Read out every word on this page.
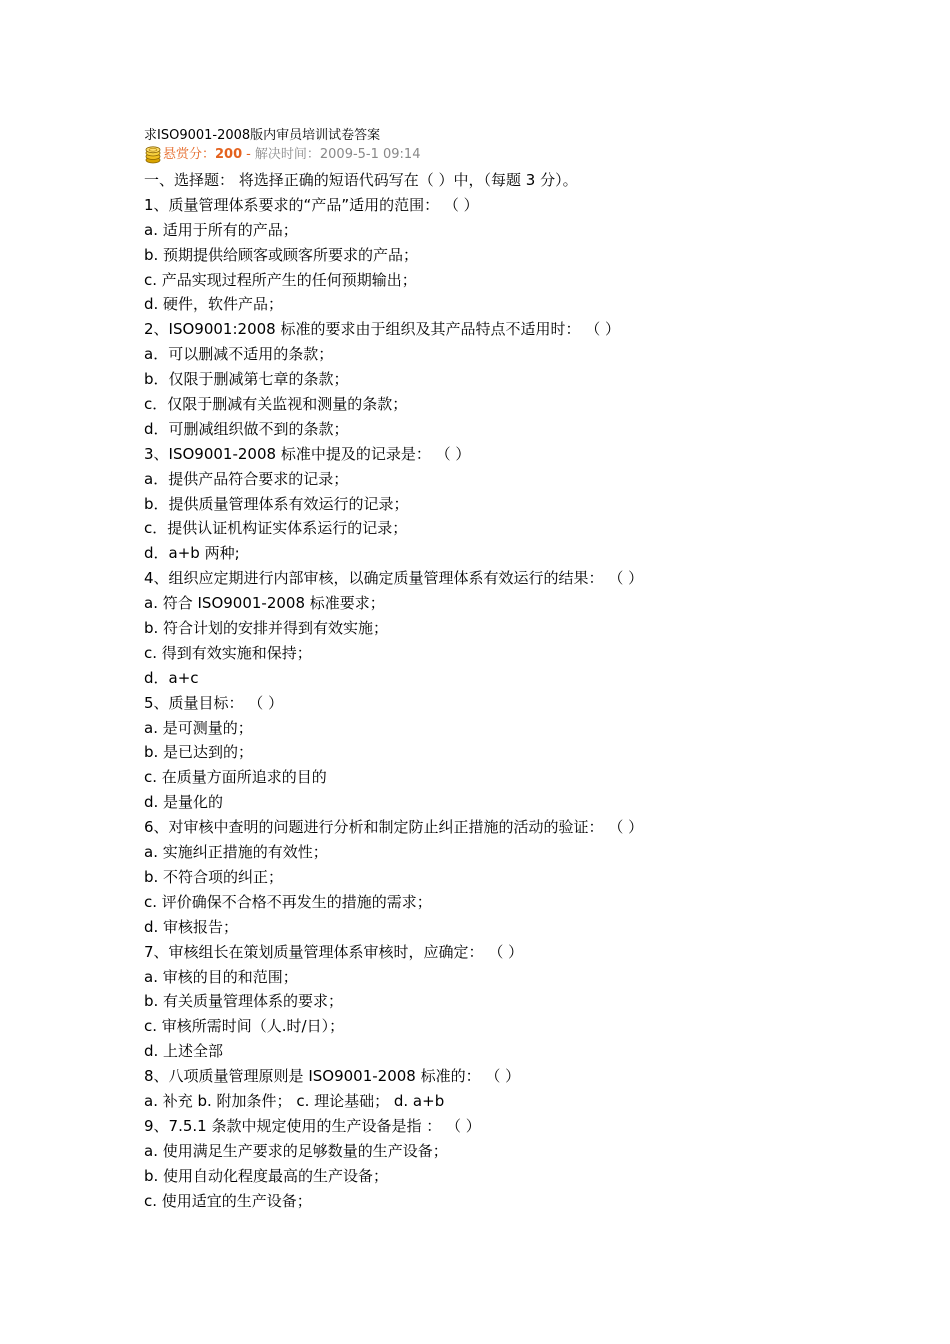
求ISO9001-2008版内审员培训试卷答案
悬赏分： 200 - 解决时间： 2009-5-1 09:14
一、选择题： 将选择正确的短语代码写在（ ）中，（每题 3 分）。
1、质量管理体系要求的“产品”适用的范围： （ ）
a. 适用于所有的产品；
b. 预期提供给顾客或顾客所要求的产品；
c. 产品实现过程所产生的任何预期输出；
d. 硬件，软件产品；
2、ISO9001:2008 标准的要求由于组织及其产品特点不适用时： （ ）
a．可以删减不适用的条款；
b．仅限于删减第七章的条款；
c．仅限于删减有关监视和测量的条款；
d．可删减组织做不到的条款；
3、ISO9001-2008 标准中提及的记录是： （ ）
a．提供产品符合要求的记录；
b．提供质量管理体系有效运行的记录；
c．提供认证机构证实体系运行的记录；
d．a+b 两种;
4、组织应定期进行内部审核，以确定质量管理体系有效运行的结果： （ ）
a. 符合 ISO9001-2008 标准要求；
b. 符合计划的安排并得到有效实施；
c. 得到有效实施和保持；
d．a+c
5、质量目标： （ ）
a. 是可测量的；
b. 是已达到的；
c. 在质量方面所追求的目的
d. 是量化的
6、对审核中查明的问题进行分析和制定防止纠正措施的活动的验证： （ ）
a. 实施纠正措施的有效性；
b. 不符合项的纠正；
c. 评价确保不合格不再发生的措施的需求；
d. 审核报告；
7、审核组长在策划质量管理体系审核时，应确定： （ ）
a. 审核的目的和范围；
b. 有关质量管理体系的要求；
c. 审核所需时间（人.时/日）；
d. 上述全部
8、八项质量管理原则是 ISO9001-2008 标准的： （ ）
a. 补充 b. 附加条件； c. 理论基础； d. a+b
9、7.5.1 条款中规定使用的生产设备是指 ： （ ）
a. 使用满足生产要求的足够数量的生产设备；
b. 使用自动化程度最高的生产设备；
c. 使用适宜的生产设备；
